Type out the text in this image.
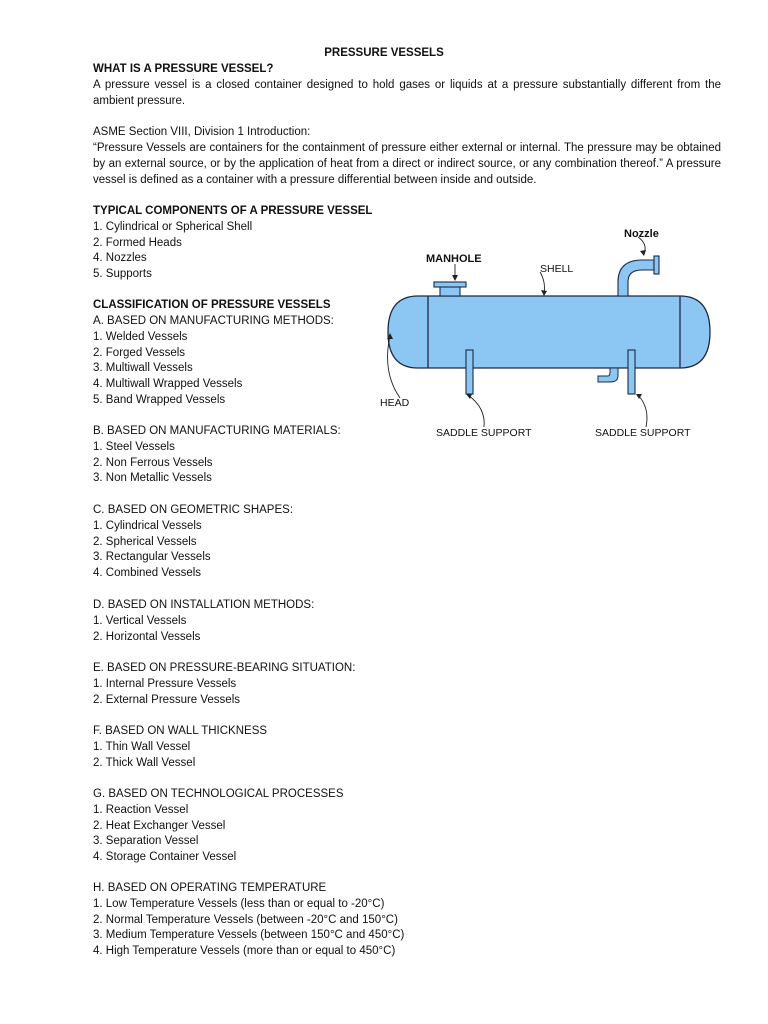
PRESSURE VESSELS
WHAT IS A PRESSURE VESSEL?

A pressure vessel is a closed container designed to hold gases or liquids at a pressure substantially different from the ambient pressure.

ASME Section VIII, Division 1 Introduction:

“Pressure Vessels are containers for the containment of pressure either external or internal. The pressure may be obtained by an external source, or by the application of heat from a direct or indirect source, or any combination thereof.” A pressure vessel is defined as a container with a pressure differential between inside and outside.

TYPICAL COMPONENTS OF A PRESSURE VESSEL
1. Cylindrical or Spherical Shell
2. Formed Heads
4. Nozzles
5. Supports
CLASSIFICATION OF PRESSURE VESSELS
A. BASED ON MANUFACTURING METHODS:
1. Welded Vessels
2. Forged Vessels
3. Multiwall Vessels
4. Multiwall Wrapped Vessels
5. Band Wrapped Vessels
B. BASED ON MANUFACTURING MATERIALS:
1. Steel Vessels
2. Non Ferrous Vessels
3. Non Metallic Vessels
C. BASED ON GEOMETRIC SHAPES:
1. Cylindrical Vessels
2. Spherical Vessels
3. Rectangular Vessels
4. Combined Vessels
D. BASED ON INSTALLATION METHODS:
1. Vertical Vessels
2. Horizontal Vessels
E. BASED ON PRESSURE-BEARING SITUATION:
1. Internal Pressure Vessels
2. External Pressure Vessels
F. BASED ON WALL THICKNESS
1. Thin Wall Vessel
2. Thick Wall Vessel
G. BASED ON TECHNOLOGICAL PROCESSES
1. Reaction Vessel
2. Heat Exchanger Vessel
3. Separation Vessel
4. Storage Container Vessel
H. BASED ON OPERATING TEMPERATURE
1. Low Temperature Vessels (less than or equal to -20°C)
2. Normal Temperature Vessels (between -20°C and 150°C)
3. Medium Temperature Vessels (between 150°C and 450°C)
4. High Temperature Vessels (more than or equal to 450°C)
Nozzle
MANHOLE
SHELL
HEAD
SADDLE SUPPORT	SADDLE SUPPORT
